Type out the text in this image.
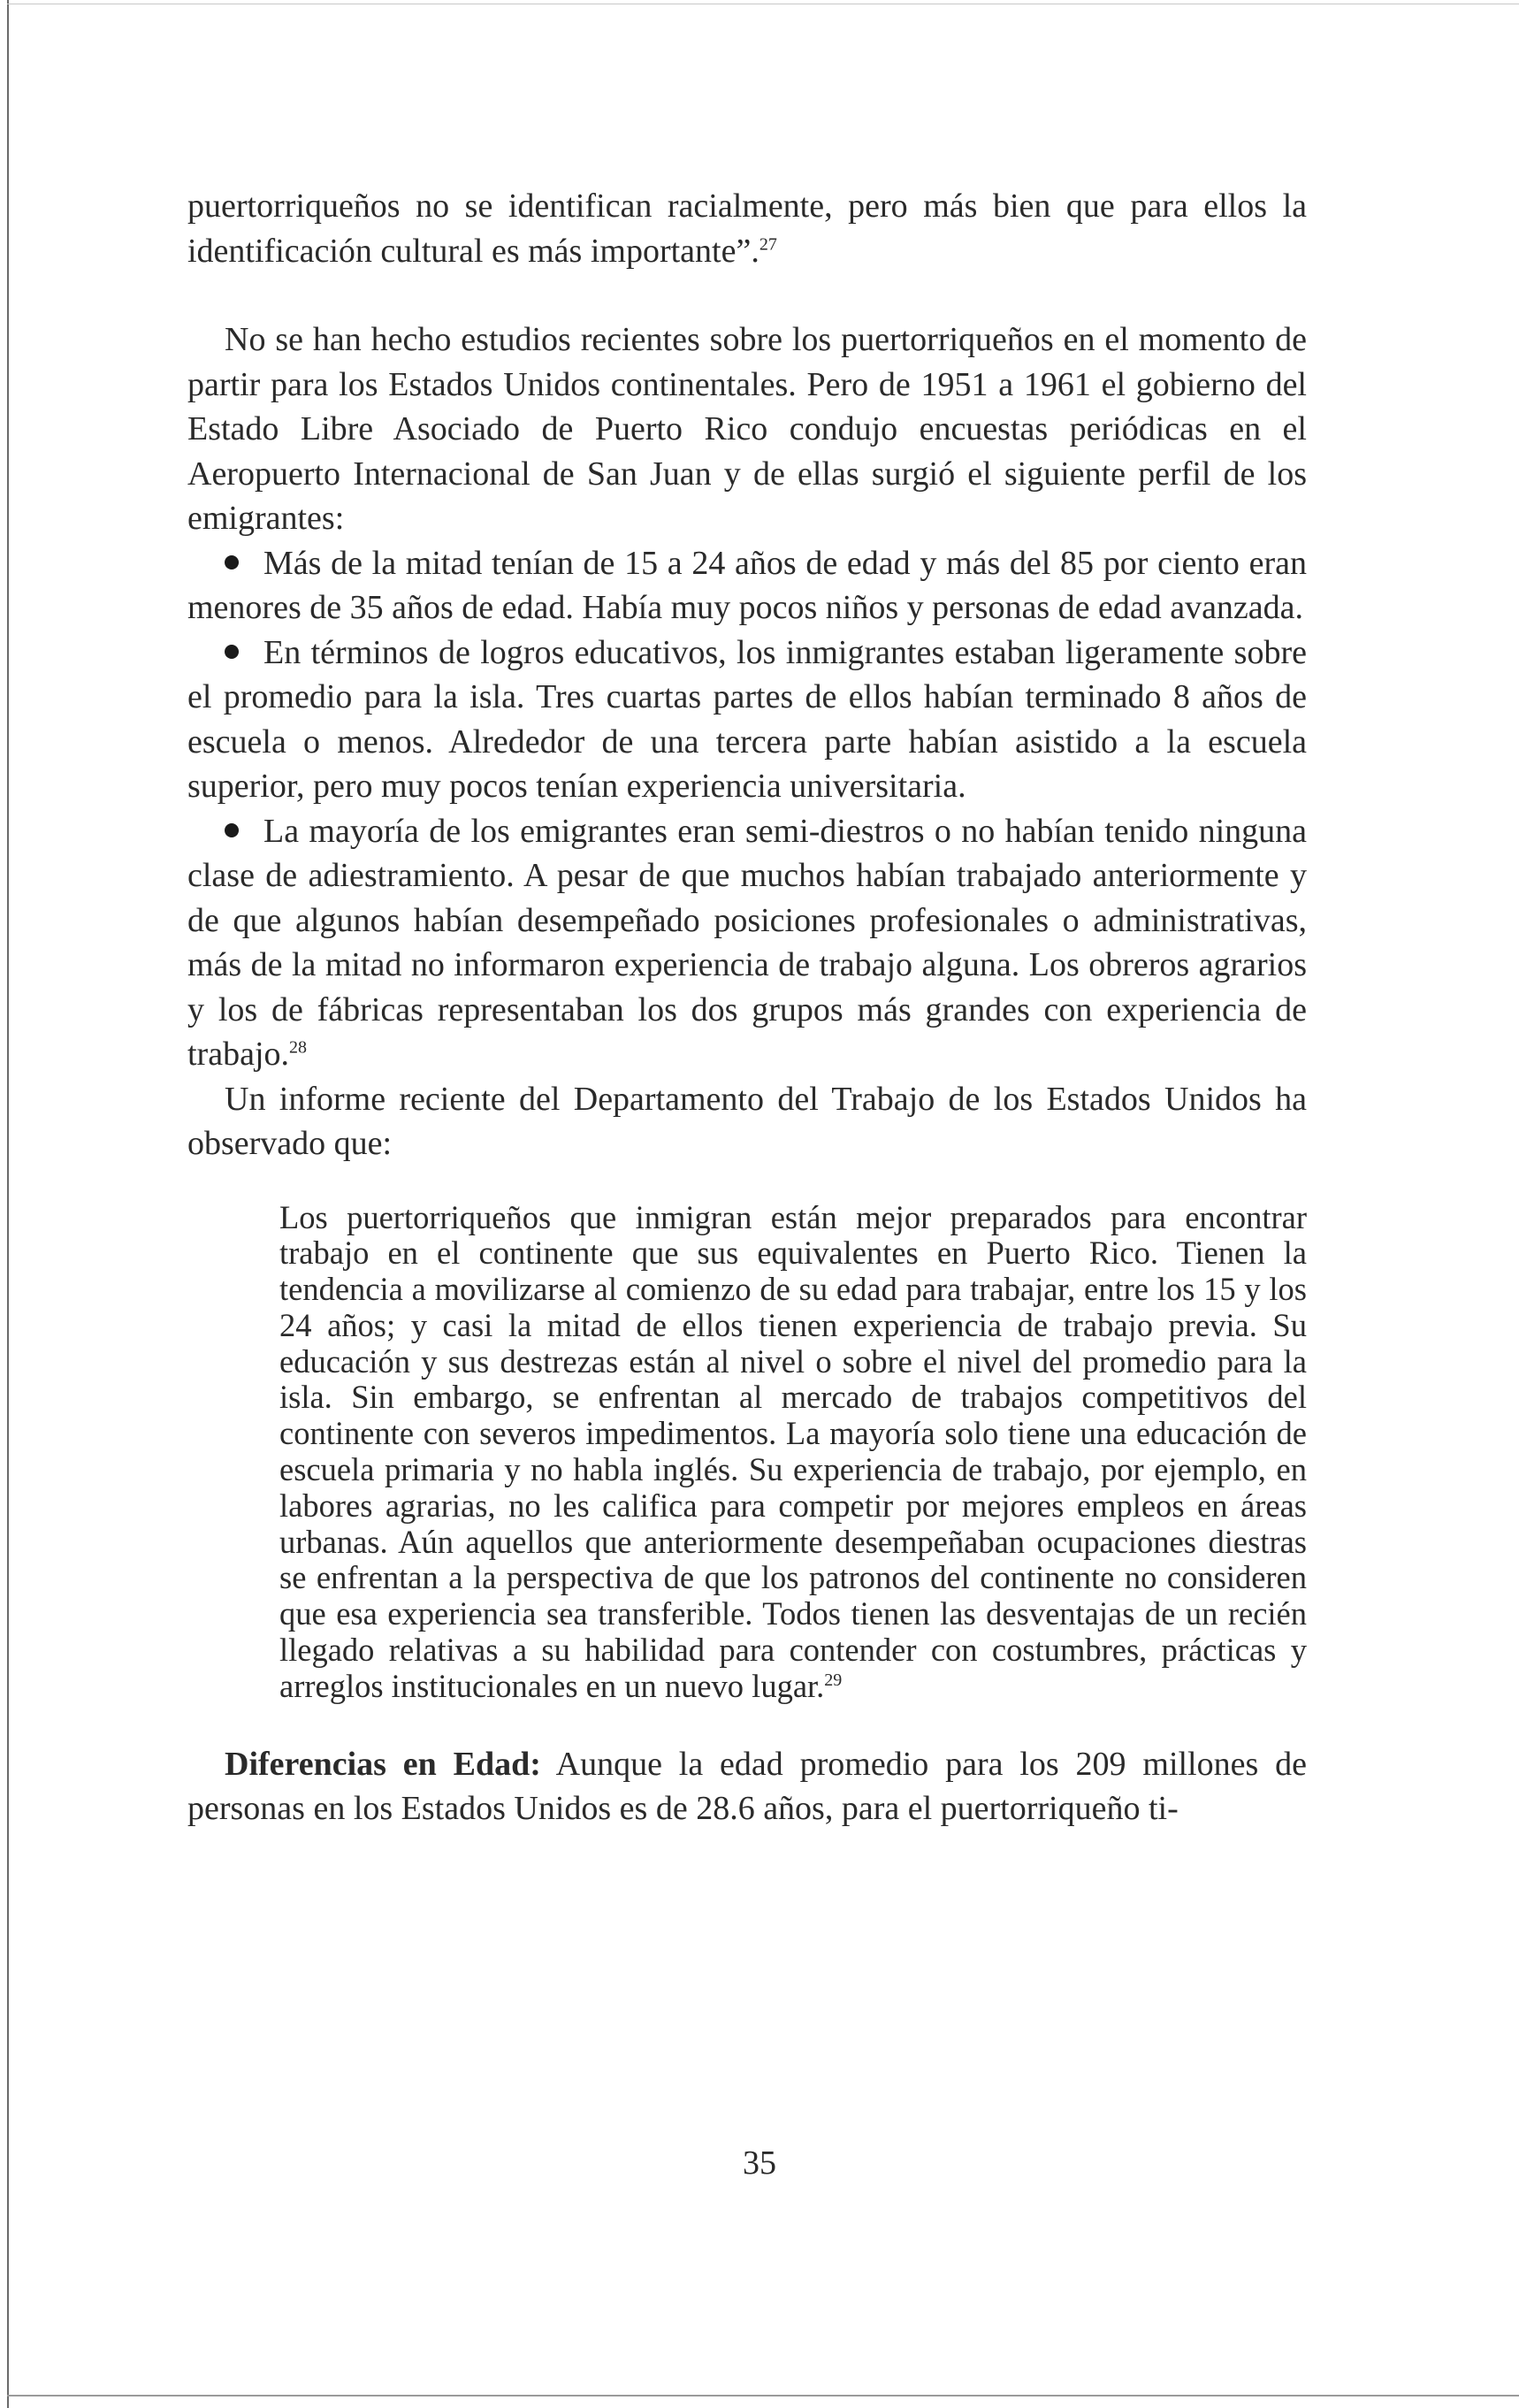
puertorriqueños no se identifican racialmente, pero más bien que para ellos la identificación cultural es más importante”.$^{27}$

No se han hecho estudios recientes sobre los puertorriqueños en el momento de partir para los Estados Unidos continentales. Pero de 1951 a 1961 el gobierno del Estado Libre Asociado de Puerto Rico condujo encuestas periódicas en el Aeropuerto Internacional de San Juan y de ellas surgió el siguiente perfil de los emigrantes:

Más de la mitad tenían de 15 a 24 años de edad y más del 85 por ciento eran menores de 35 años de edad. Había muy pocos niños y personas de edad avanzada.

En términos de logros educativos, los inmigrantes estaban ligeramente sobre el promedio para la isla. Tres cuartas partes de ellos habían terminado 8 años de escuela o menos. Alrededor de una tercera parte habían asistido a la escuela superior, pero muy pocos tenían experiencia universitaria.

La mayoría de los emigrantes eran semi-diestros o no habían tenido ninguna clase de adiestramiento. A pesar de que muchos habían trabajado anteriormente y de que algunos habían desempeñado posiciones profesionales o administrativas, más de la mitad no informaron experiencia de trabajo alguna. Los obreros agrarios y los de fábricas representaban los dos grupos más grandes con experiencia de trabajo.$^{28}$

Un informe reciente del Departamento del Trabajo de los Estados Unidos ha observado que:

Los puertorriqueños que inmigran están mejor preparados para encontrar trabajo en el continente que sus equivalentes en Puerto Rico. Tienen la tendencia a movilizarse al comienzo de su edad para trabajar, entre los 15 y los 24 años; y casi la mitad de ellos tienen experiencia de trabajo previa. Su educación y sus destrezas están al nivel o sobre el nivel del promedio para la isla. Sin embargo, se enfrentan al mercado de trabajos competitivos del continente con severos impedimentos. La mayoría solo tiene una educación de escuela primaria y no habla inglés. Su experiencia de trabajo, por ejemplo, en labores agrarias, no les califica para competir por mejores empleos en áreas urbanas. Aún aquellos que anteriormente desempeñaban ocupaciones diestras se enfrentan a la perspectiva de que los patronos del continente no consideren que esa experiencia sea transferible. Todos tienen las desventajas de un recién llegado relativas a su habilidad para contender con costumbres, prácticas y arreglos institucionales en un nuevo lugar.$^{29}$

Diferencias en Edad: Aunque la edad promedio para los 209 millones de personas en los Estados Unidos es de 28.6 años, para el puertorriqueño ti-

35
